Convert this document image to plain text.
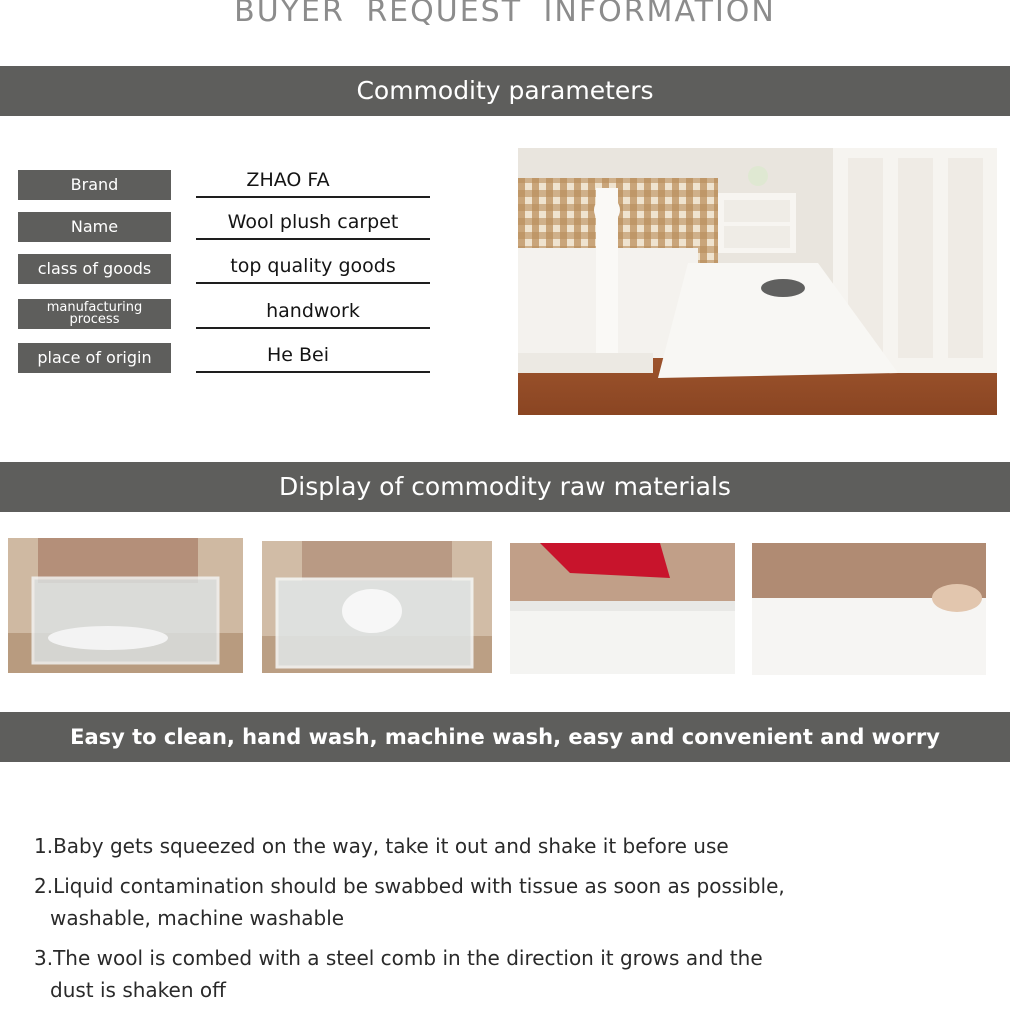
BUYER REQUEST INFORMATION
Commodity parameters
Brand
Name
class of goods
manufacturing
process
place of origin
ZHAO FA
Wool plush carpet
top quality goods
handwork
He Bei
Display of commodity raw materials
Easy to clean, hand wash, machine wash, easy and convenient and worry
1.Baby gets squeezed on the way, take it out and shake it before use
2.Liquid contamination should be swabbed with tissue as soon as possible,
washable, machine washable
3.The wool is combed with a steel comb in the direction it grows and the
dust is shaken off
